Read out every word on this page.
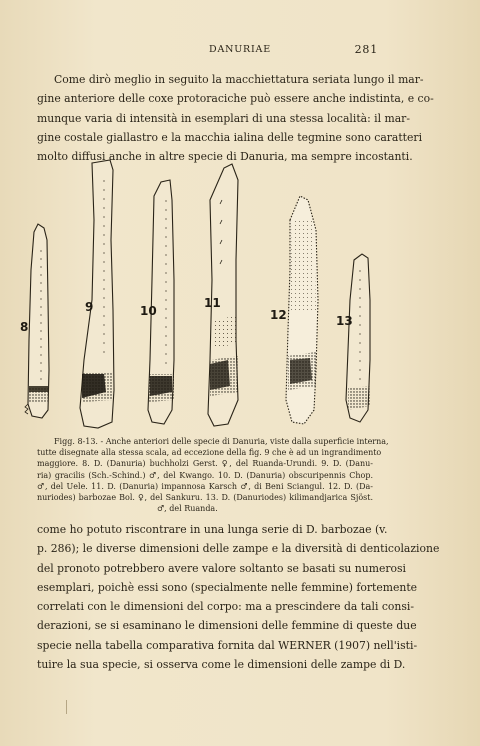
DANURIAE	281
Come dirò meglio in seguito la macchiettatura seriata lungo il mar-
gine anteriore delle coxe protoraciche può essere anche indistinta, e co-
munque varia di intensità in esemplari di una stessa località: il mar-
gine costale giallastro e la macchia ialina delle tegmine sono caratteri
molto diffusi anche in altre specie di Danuria, ma sempre incostanti.
8
9	10
11
12	13
Figg. 8-13. - Anche anteriori delle specie di Danuria, viste dalla superficie interna,
tutte disegnate alla stessa scala, ad eccezione della fig. 9 che è ad un ingrandimento
maggiore. 8. D. (Danuria) buchholzi Gerst. ♀, del Ruanda-Urundi. 9. D. (Danu-
ria) gracilis (Sch.-Schind.) ♂, del Kwango. 10. D. (Danuria) obscuripennis Chop.
♂, del Uele. 11. D. (Danuria) impannosa Karsch ♂, di Beni Sciangul. 12. D. (Da-
nuriodes) barbozae Bol. ♀, del Sankuru. 13. D. (Danuriodes) kilimandjarica Sjöst.
♂, del Ruanda.
come ho potuto riscontrare in una lunga serie di D. barbozae (v.
p. 286); le diverse dimensioni delle zampe e la diversità di denticolazione
del pronoto potrebbero avere valore soltanto se basati su numerosi
esemplari, poichè essi sono (specialmente nelle femmine) fortemente
correlati con le dimensioni del corpo: ma a prescindere da tali consi-
derazioni, se si esaminano le dimensioni delle femmine di queste due
specie nella tabella comparativa fornita dal WERNER (1907) nell'isti-
tuire la sua specie, si osserva come le dimensioni delle zampe di D.
